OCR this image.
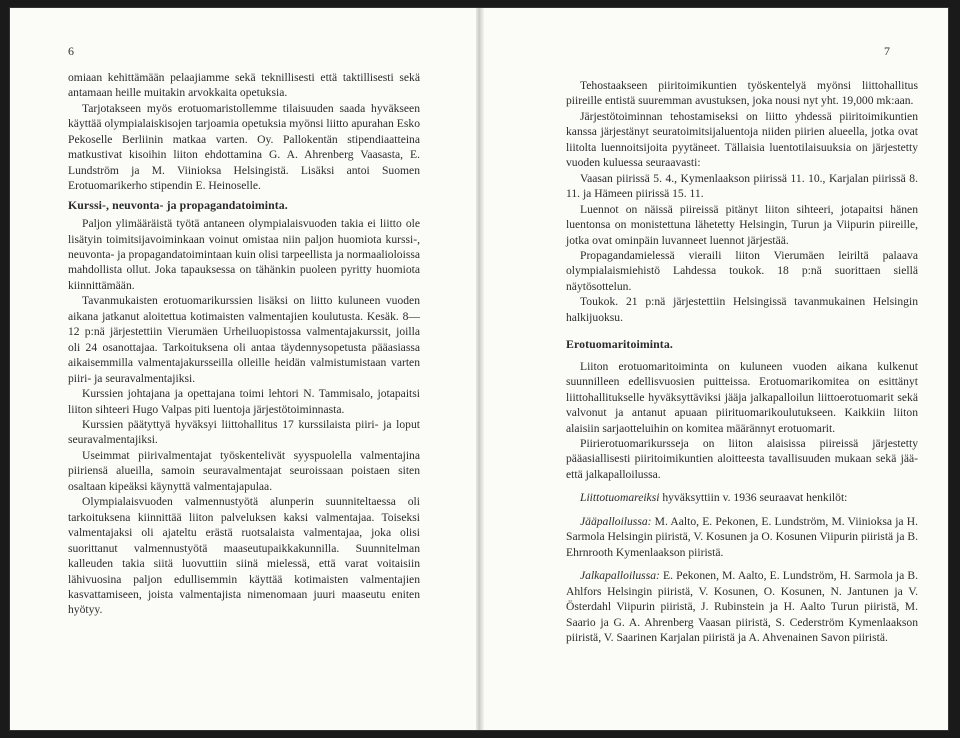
6

omiaan kehittämään pelaajiamme sekä teknillisesti että taktillisesti sekä antamaan heille muitakin arvokkaita opetuksia.

Tarjotakseen myös erotuomaristollemme tilaisuuden saada hyväkseen käyttää olympialaiskisojen tarjoamia opetuksia myönsi liitto apurahan Esko Pekoselle Berliinin matkaa varten. Oy. Pallokentän stipendiaatteina matkustivat kisoihin liiton ehdottamina G. A. Ahrenberg Vaasasta, E. Lundström ja M. Viinioksa Helsingistä. Lisäksi antoi Suomen Erotuomarikerho stipendin E. Heinoselle.

Kurssi-, neuvonta- ja propagandatoiminta.

Paljon ylimääräistä työtä antaneen olympialaisvuoden takia ei liitto ole lisätyin toimitsijavoiminkaan voinut omistaa niin paljon huomiota kurssi-, neuvonta- ja propagandatoimintaan kuin olisi tarpeellista ja normaalioloissa mahdollista ollut. Joka tapauksessa on tähänkin puoleen pyritty huomiota kiinnittämään.

Tavanmukaisten erotuomarikurssien lisäksi on liitto kuluneen vuoden aikana jatkanut aloitettua kotimaisten valmentajien koulutusta. Kesäk. 8—12 p:nä järjestettiin Vierumäen Urheiluopistossa valmentajakurssit, joilla oli 24 osanottajaa. Tarkoituksena oli antaa täydennysopetusta pääasiassa aikaisemmilla valmentajakursseilla olleille heidän valmistumistaan varten piiri- ja seuravalmentajiksi.

Kurssien johtajana ja opettajana toimi lehtori N. Tammisalo, jotapaitsi liiton sihteeri Hugo Valpas piti luentoja järjestötoiminnasta.

Kurssien päätyttyä hyväksyi liittohallitus 17 kurssilaista piiri- ja loput seuravalmentajiksi.

Useimmat piirivalmentajat työskentelivät syyspuolella valmentajina piiriensä alueilla, samoin seuravalmentajat seuroissaan poistaen siten osaltaan kipeäksi käynyttä valmentajapulaa.

Olympialaisvuoden valmennustyötä alunperin suunniteltaessa oli tarkoituksena kiinnittää liiton palveluksen kaksi valmentajaa. Toiseksi valmentajaksi oli ajateltu erästä ruotsalaista valmentajaa, joka olisi suorittanut valmennustyötä maaseutupaikkakunnilla. Suunnitelman kalleuden takia siitä luovuttiin siinä mielessä, että varat voitaisiin lähivuosina paljon edullisemmin käyttää kotimaisten valmentajien kasvattamiseen, joista valmentajista nimenomaan juuri maaseutu eniten hyötyy.

7

Tehostaakseen piiritoimikuntien työskentelyä myönsi liittohallitus piireille entistä suuremman avustuksen, joka nousi nyt yht. 19,000 mk:aan.

Järjestötoiminnan tehostamiseksi on liitto yhdessä piiritoimikuntien kanssa järjestänyt seuratoimitsijaluentoja niiden piirien alueella, jotka ovat liitolta luennoitsijoita pyytäneet. Tällaisia luentotilaisuuksia on järjestetty vuoden kuluessa seuraavasti:

Vaasan piirissä 5. 4., Kymenlaakson piirissä 11. 10., Karjalan piirissä 8. 11. ja Hämeen piirissä 15. 11.

Luennot on näissä piireissä pitänyt liiton sihteeri, jotapaitsi hänen luentonsa on monistettuna lähetetty Helsingin, Turun ja Viipurin piireille, jotka ovat ominpäin luvanneet luennot järjestää.

Propagandamielessä vieraili liiton Vierumäen leiriltä palaava olympialaismiehistö Lahdessa toukok. 18 p:nä suorittaen siellä näytösottelun.

Toukok. 21 p:nä järjestettiin Helsingissä tavanmukainen Helsingin halkijuoksu.

Erotuomaritoiminta.

Liiton erotuomaritoiminta on kuluneen vuoden aikana kulkenut suunnilleen edellisvuosien puitteissa. Erotuomarikomitea on esittänyt liittohallitukselle hyväksyttäviksi jääja jalkapalloilun liittoerotuomarit sekä valvonut ja antanut apuaan piirituomarikoulutukseen. Kaikkiin liiton alaisiin sarjaotteluihin on komitea määrännyt erotuomarit.

Piirierotuomarikursseja on liiton alaisissa piireissä järjestetty pääasiallisesti piiritoimikuntien aloitteesta tavallisuuden mukaan sekä jää- että jalkapalloilussa.

Liittotuomareiksi hyväksyttiin v. 1936 seuraavat henkilöt:

Jääpalloilussa: M. Aalto, E. Pekonen, E. Lundström, M. Viinioksa ja H. Sarmola Helsingin piiristä, V. Kosunen ja O. Kosunen Viipurin piiristä ja B. Ehrnrooth Kymenlaakson piiristä.

Jalkapalloilussa: E. Pekonen, M. Aalto, E. Lundström, H. Sarmola ja B. Ahlfors Helsingin piiristä, V. Kosunen, O. Kosunen, N. Jantunen ja V. Österdahl Viipurin piiristä, J. Rubinstein ja H. Aalto Turun piiristä, M. Saario ja G. A. Ahrenberg Vaasan piiristä, S. Cederström Kymenlaakson piiristä, V. Saarinen Karjalan piiristä ja A. Ahvenainen Savon piiristä.
